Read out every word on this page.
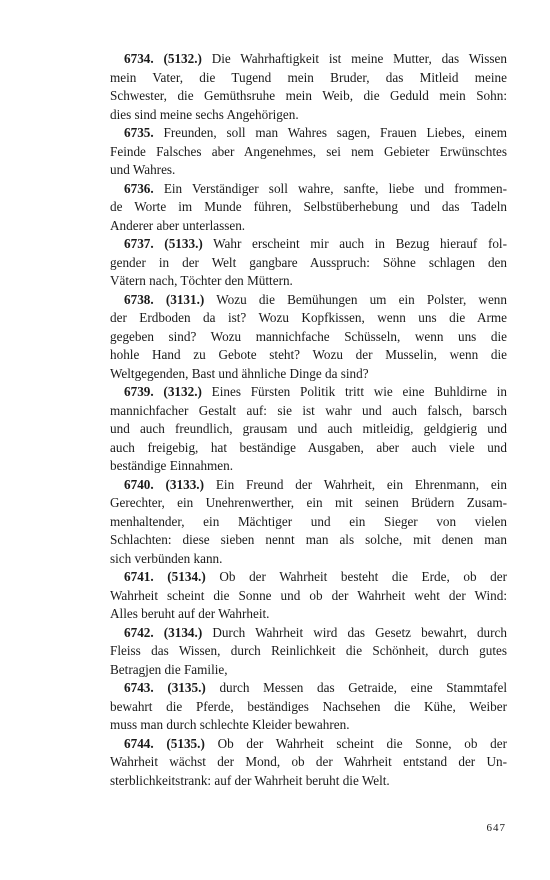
6734. (5132.) Die Wahrhaftigkeit ist meine Mutter, das Wissen
mein Vater, die Tugend mein Bruder, das Mitleid meine
Schwester, die Gemüthsruhe mein Weib, die Geduld mein Sohn:
dies sind meine sechs Angehörigen.
6735. Freunden, soll man Wahres sagen, Frauen Liebes, einem
Feinde Falsches aber Angenehmes, sei nem Gebieter Erwünschtes
und Wahres.
6736. Ein Verständiger soll wahre, sanfte, liebe und frommen-
de Worte im Munde führen, Selbstüberhebung und das Tadeln
Anderer aber unterlassen.
6737. (5133.) Wahr erscheint mir auch in Bezug hierauf fol-
gender in der Welt gangbare Ausspruch: Söhne schlagen den
Vätern nach, Töchter den Müttern.
6738. (3131.) Wozu die Bemühungen um ein Polster, wenn
der Erdboden da ist? Wozu Kopfkissen, wenn uns die Arme
gegeben sind? Wozu mannichfache Schüsseln, wenn uns die
hohle Hand zu Gebote steht? Wozu der Musselin, wenn die
Weltgegenden, Bast und ähnliche Dinge da sind?
6739. (3132.) Eines Fürsten Politik tritt wie eine Buhldirne in
mannichfacher Gestalt auf: sie ist wahr und auch falsch, barsch
und auch freundlich, grausam und auch mitleidig, geldgierig und
auch freigebig, hat beständige Ausgaben, aber auch viele und
beständige Einnahmen.
6740. (3133.) Ein Freund der Wahrheit, ein Ehrenmann, ein
Gerechter, ein Unehrenwerther, ein mit seinen Brüdern Zusam-
menhaltender, ein Mächtiger und ein Sieger von vielen
Schlachten: diese sieben nennt man als solche, mit denen man
sich verbünden kann.
6741. (5134.) Ob der Wahrheit besteht die Erde, ob der
Wahrheit scheint die Sonne und ob der Wahrheit weht der Wind:
Alles beruht auf der Wahrheit.
6742. (3134.) Durch Wahrheit wird das Gesetz bewahrt, durch
Fleiss das Wissen, durch Reinlichkeit die Schönheit, durch gutes
Betragjen die Familie,
6743. (3135.) durch Messen das Getraide, eine Stammtafel
bewahrt die Pferde, beständiges Nachsehen die Kühe, Weiber
muss man durch schlechte Kleider bewahren.
6744. (5135.) Ob der Wahrheit scheint die Sonne, ob der
Wahrheit wächst der Mond, ob der Wahrheit entstand der Un-
sterblichkeitstrank: auf der Wahrheit beruht die Welt.
647
